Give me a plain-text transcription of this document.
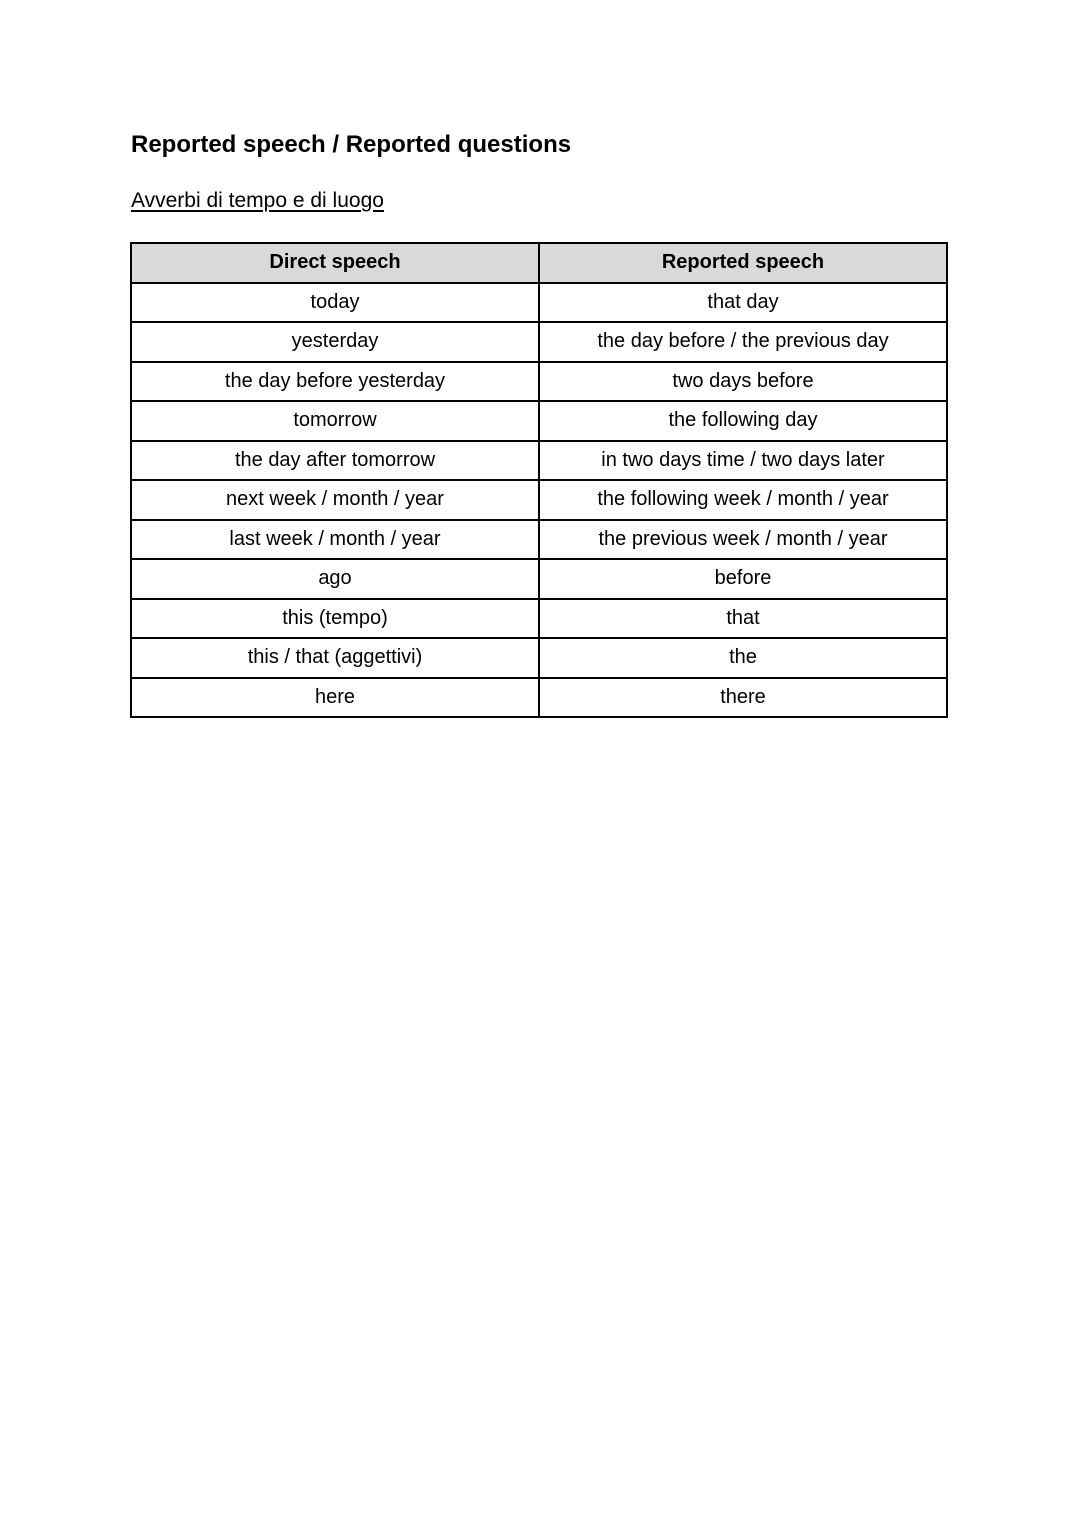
Reported speech / Reported questions

Avverbi di tempo e di luogo

Direct speech	Reported speech
today	that day
yesterday	the day before / the previous day
the day before yesterday	two days before
tomorrow	the following day
the day after tomorrow	in two days time / two days later
next week / month / year	the following week / month / year
last week / month / year	the previous week / month / year
ago	before
this (tempo)	that
this / that (aggettivi)	the
here	there
